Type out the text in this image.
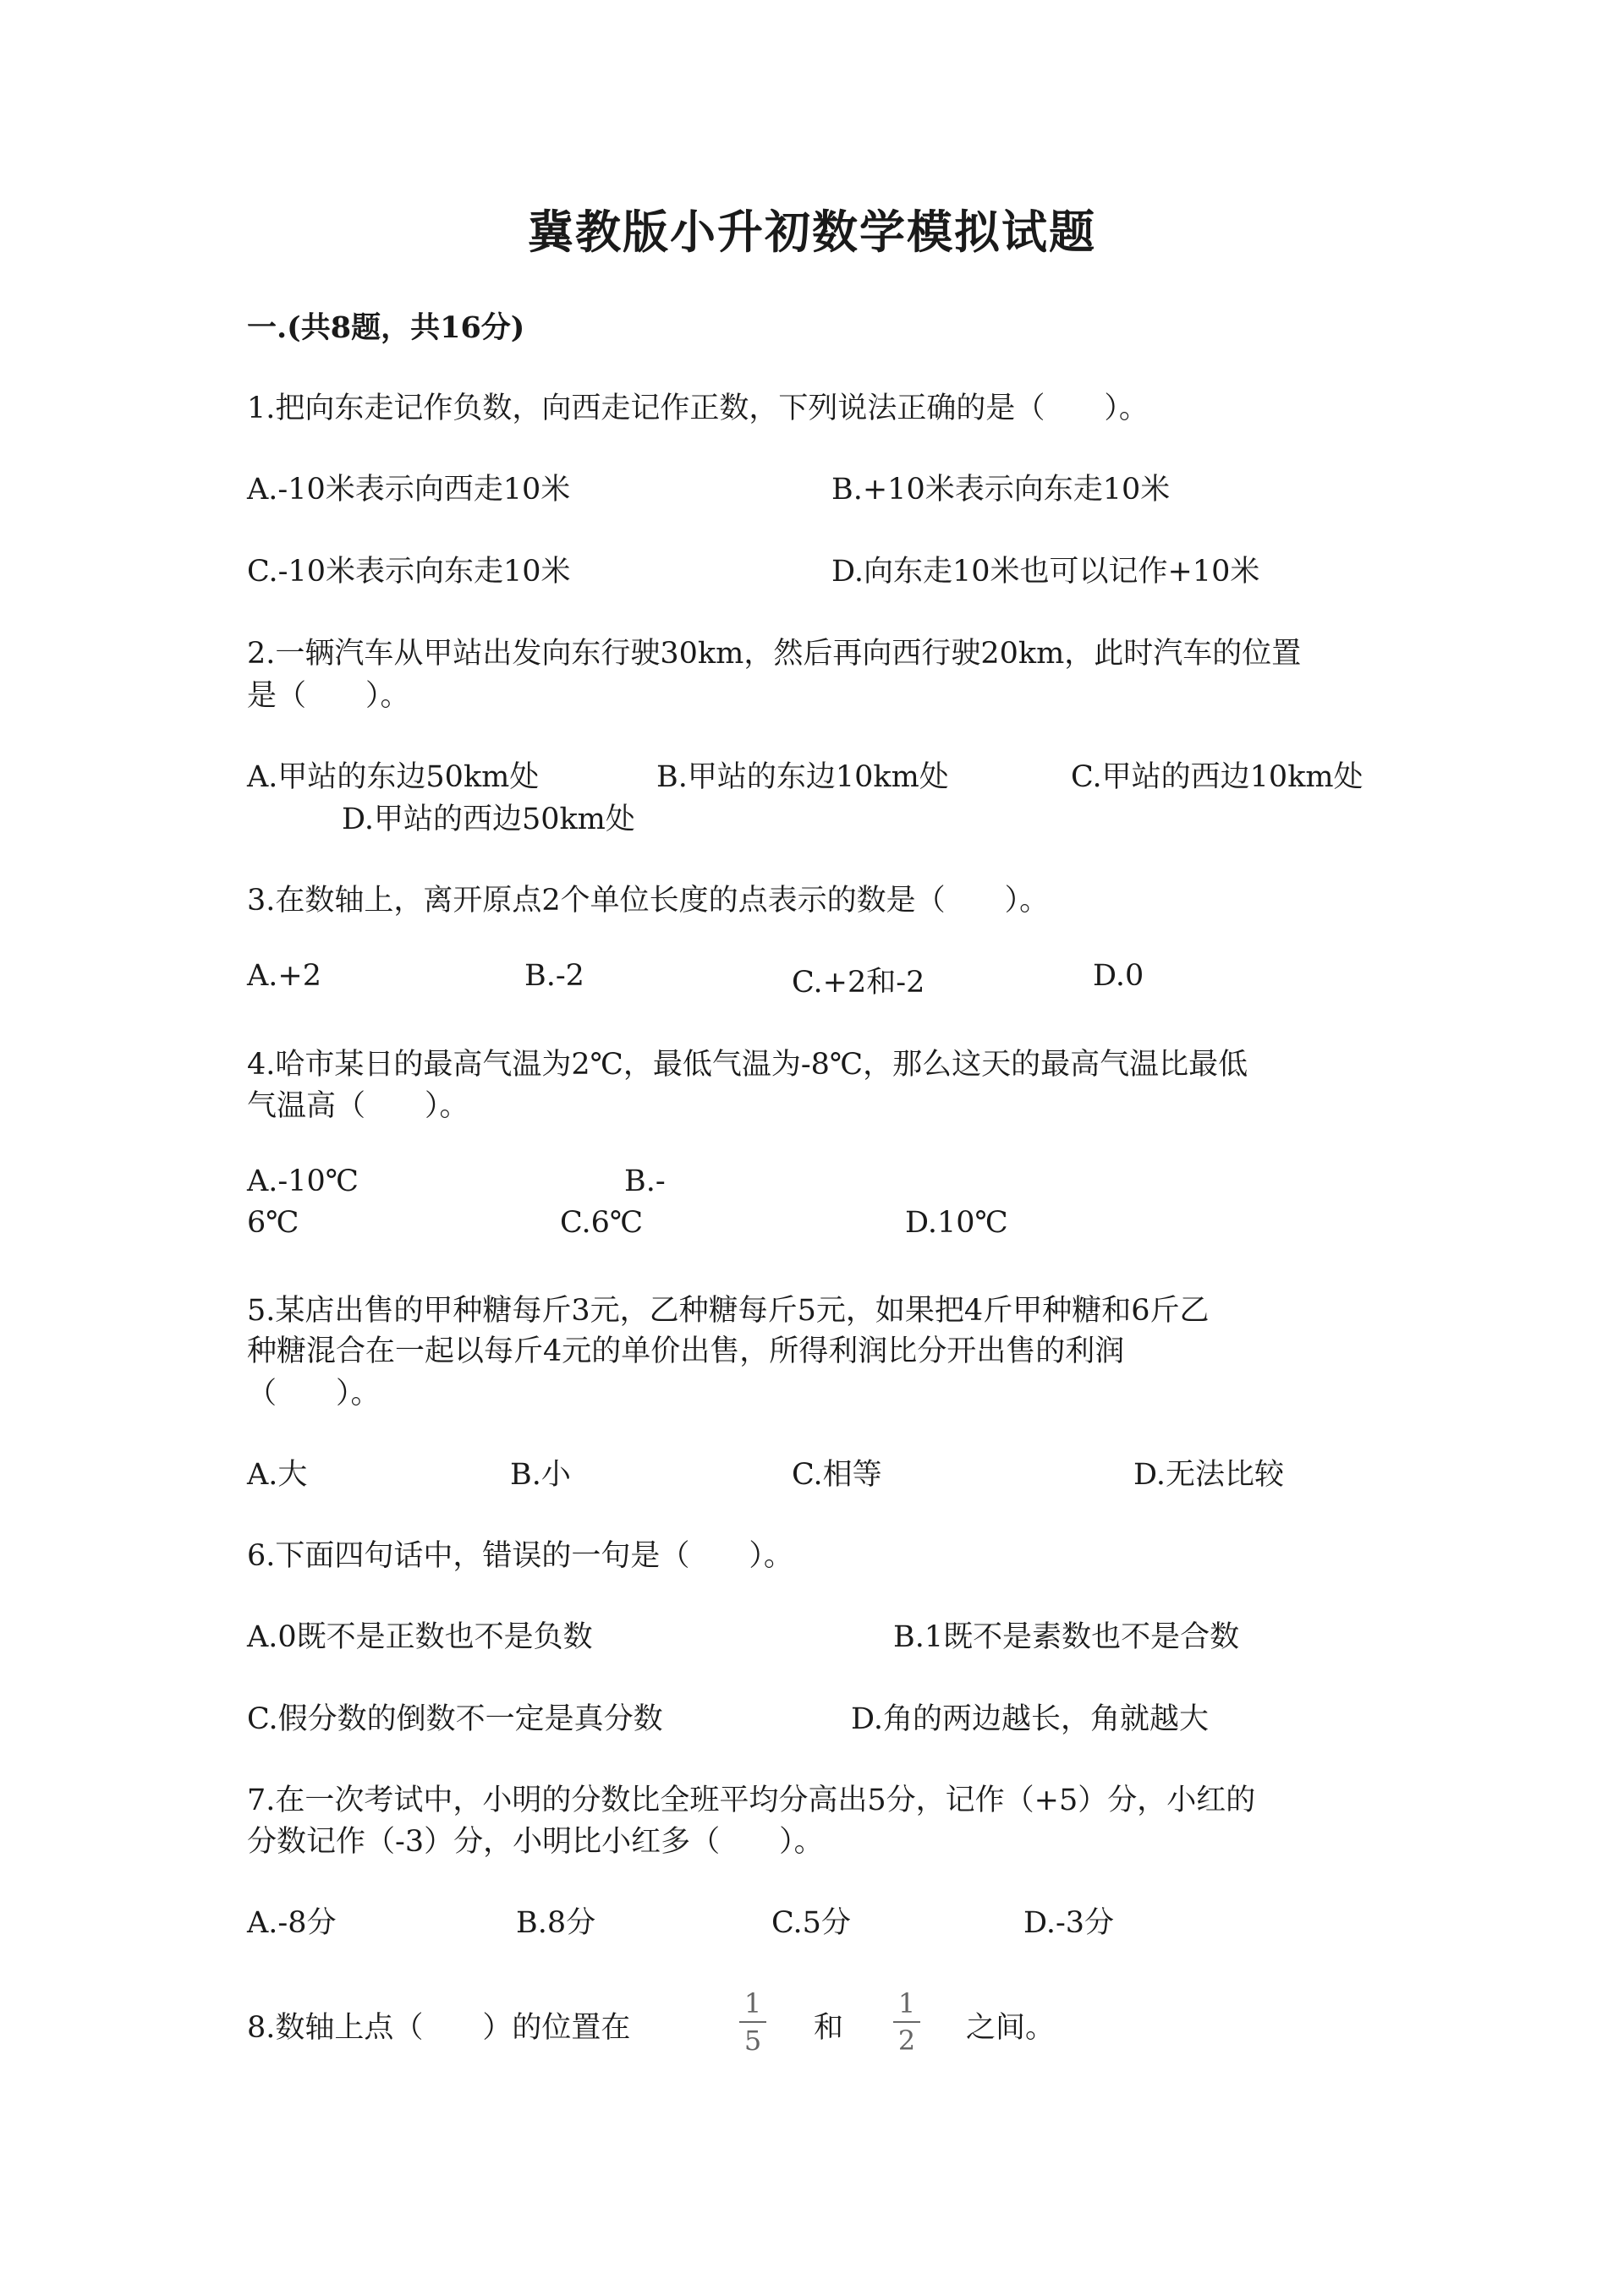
冀教版小升初数学模拟试题
一.(共8题，共16分)
1.把向东走记作负数，向西走记作正数，下列说法正确的是（　　）。
A.-10米表示向西走10米	B.+10米表示向东走10米
C.-10米表示向东走10米	D.向东走10米也可以记作+10米
2.一辆汽车从甲站出发向东行驶30km，然后再向西行驶20km，此时汽车的位置
是（　　）。
A.甲站的东边50km处	B.甲站的东边10km处	C.甲站的西边10km处
D.甲站的西边50km处
3.在数轴上，离开原点2个单位长度的点表示的数是（　　）。
A.+2	B.-2	C.+2和-2	D.0
4.哈市某日的最高气温为2℃，最低气温为-8℃，那么这天的最高气温比最低
气温高（　　）。
A.-10℃	B.-
6℃	C.6℃	D.10℃
5.某店出售的甲种糖每斤3元，乙种糖每斤5元，如果把4斤甲种糖和6斤乙
种糖混合在一起以每斤4元的单价出售，所得利润比分开出售的利润
（　　）。
A.大	B.小	C.相等	D.无法比较
6.下面四句话中，错误的一句是（　　）。
A.0既不是正数也不是负数	B.1既不是素数也不是合数
C.假分数的倒数不一定是真分数	D.角的两边越长，角就越大
7.在一次考试中，小明的分数比全班平均分高出5分，记作（+5）分，小红的
分数记作（-3）分，小明比小红多（　　）。
A.-8分	B.8分	C.5分	D.-3分
8.数轴上点（　　）的位置在
1
5 和
1
2 之间。
